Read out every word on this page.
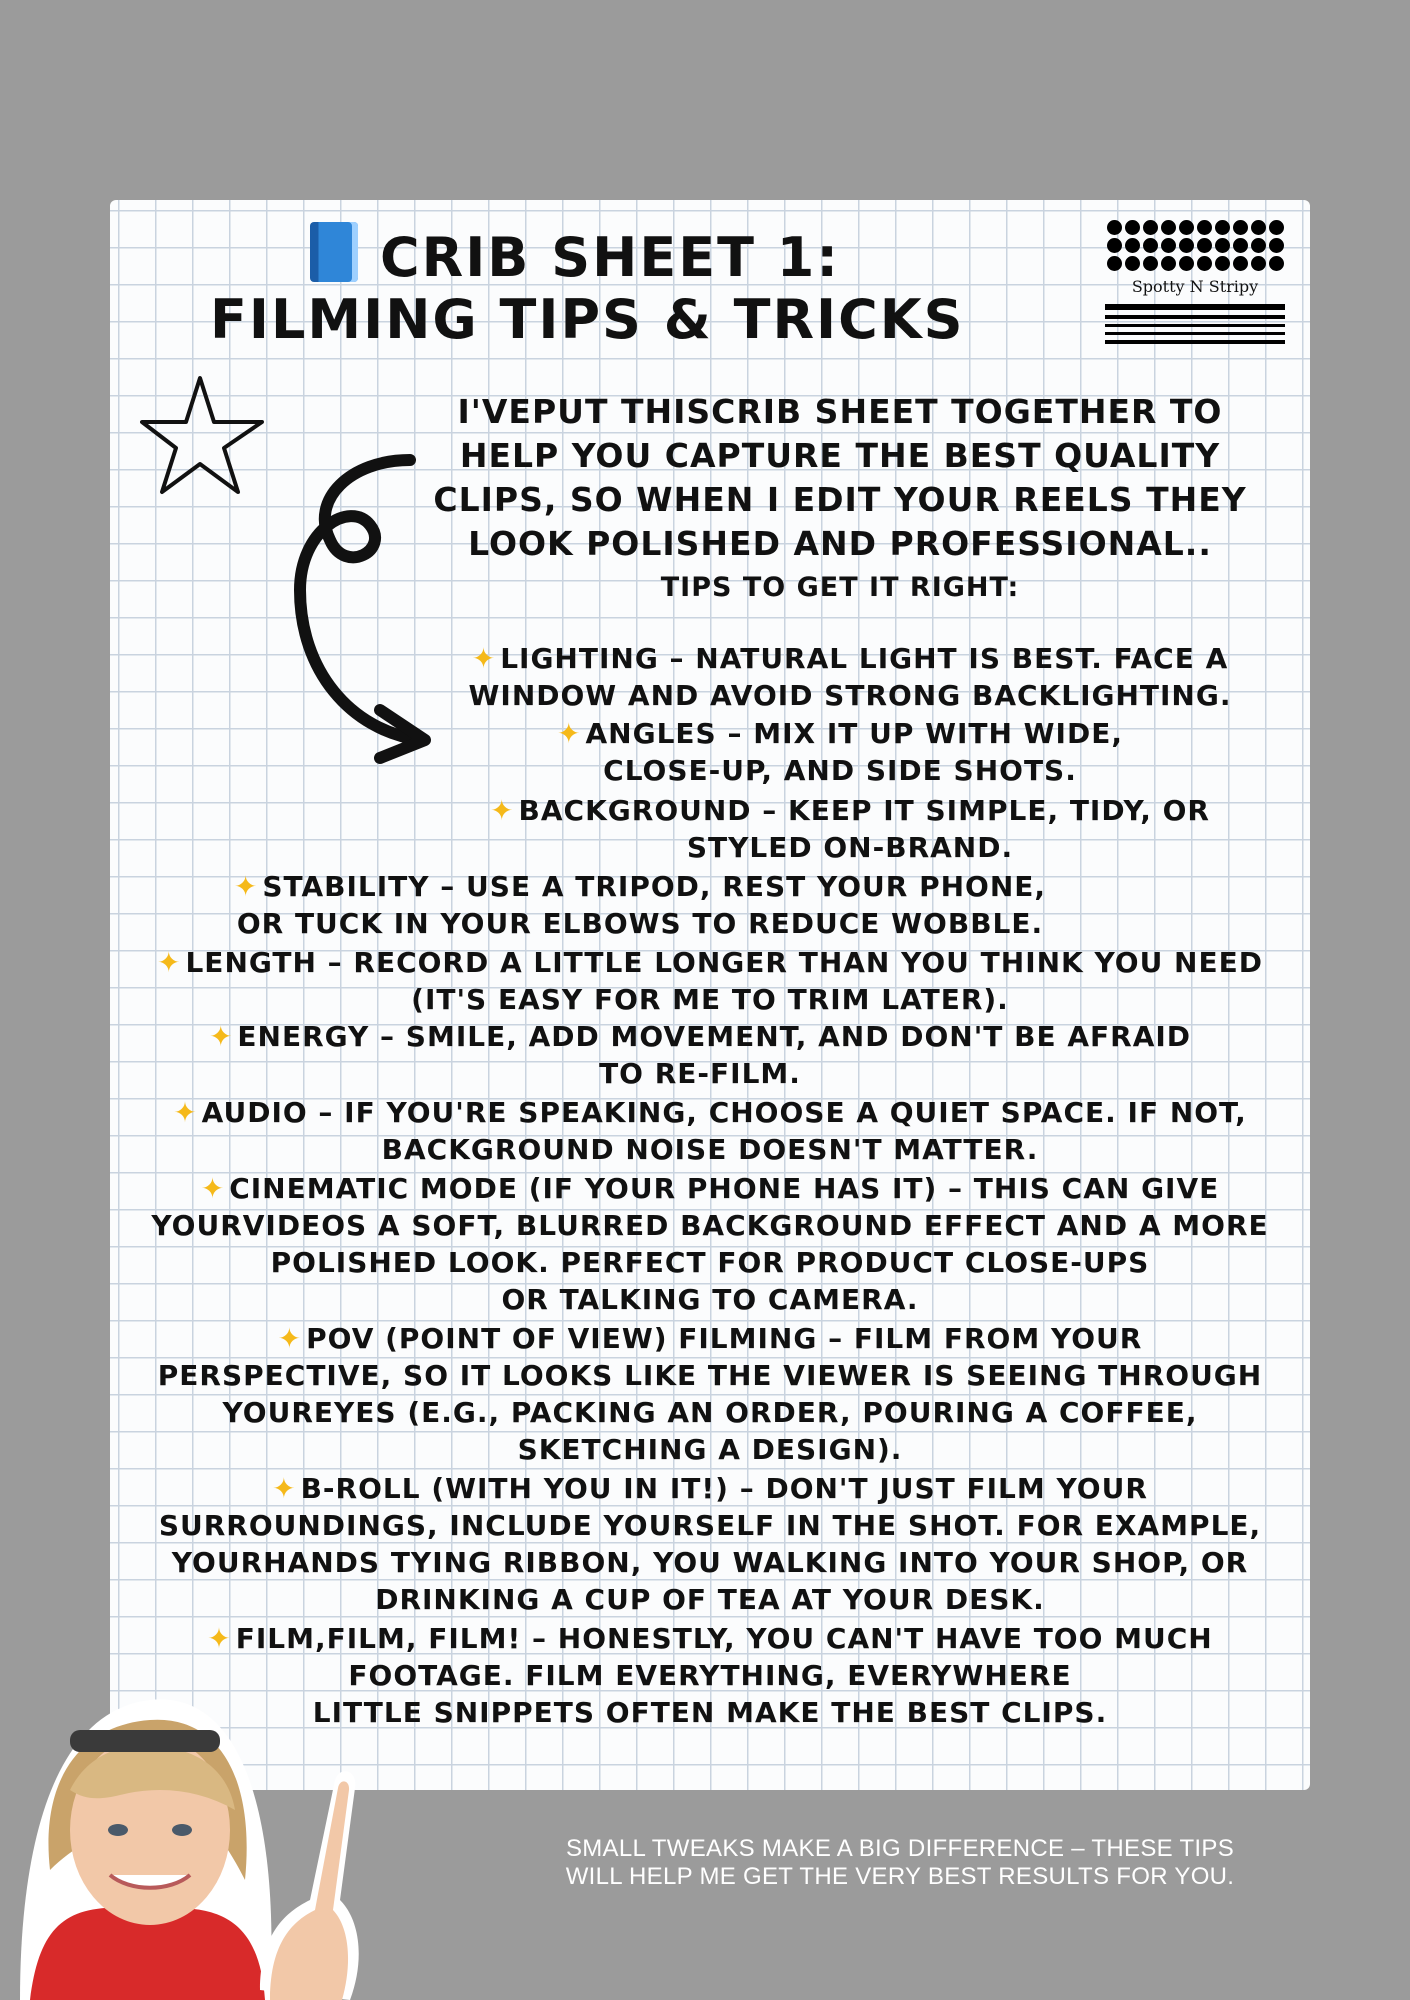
CRIB SHEET 1:
FILMING TIPS & TRICKS
Spotty N Stripy

I'VEPUT THISCRIB SHEET TOGETHER TO
HELP YOU CAPTURE THE BEST QUALITY
CLIPS, SO WHEN I EDIT YOUR REELS THEY
LOOK POLISHED AND PROFESSIONAL..

TIPS TO GET IT RIGHT:

✦ LIGHTING – NATURAL LIGHT IS BEST. FACE A
WINDOW AND AVOID STRONG BACKLIGHTING.

✦ ANGLES – MIX IT UP WITH WIDE,
CLOSE-UP, AND SIDE SHOTS.

✦ BACKGROUND – KEEP IT SIMPLE, TIDY, OR
STYLED ON-BRAND.

✦ STABILITY – USE A TRIPOD, REST YOUR PHONE,
OR TUCK IN YOUR ELBOWS TO REDUCE WOBBLE.

✦ LENGTH – RECORD A LITTLE LONGER THAN YOU THINK YOU NEED
(IT'S EASY FOR ME TO TRIM LATER).

✦ ENERGY – SMILE, ADD MOVEMENT, AND DON'T BE AFRAID
TO RE-FILM.

✦ AUDIO – IF YOU'RE SPEAKING, CHOOSE A QUIET SPACE. IF NOT,
BACKGROUND NOISE DOESN'T MATTER.

✦ CINEMATIC MODE (IF YOUR PHONE HAS IT) – THIS CAN GIVE
YOURVIDEOS A SOFT, BLURRED BACKGROUND EFFECT AND A MORE
POLISHED LOOK. PERFECT FOR PRODUCT CLOSE-UPS
OR TALKING TO CAMERA.

✦ POV (POINT OF VIEW) FILMING – FILM FROM YOUR
PERSPECTIVE, SO IT LOOKS LIKE THE VIEWER IS SEEING THROUGH
YOUREYES (E.G., PACKING AN ORDER, POURING A COFFEE,
SKETCHING A DESIGN).

✦ B-ROLL (WITH YOU IN IT!) – DON'T JUST FILM YOUR
SURROUNDINGS, INCLUDE YOURSELF IN THE SHOT. FOR EXAMPLE,
YOURHANDS TYING RIBBON, YOU WALKING INTO YOUR SHOP, OR
DRINKING A CUP OF TEA AT YOUR DESK.

✦ FILM,FILM, FILM! – HONESTLY, YOU CAN'T HAVE TOO MUCH
FOOTAGE. FILM EVERYTHING, EVERYWHERE
LITTLE SNIPPETS OFTEN MAKE THE BEST CLIPS.

SMALL TWEAKS MAKE A BIG DIFFERENCE – THESE TIPS
WILL HELP ME GET THE VERY BEST RESULTS FOR YOU.
